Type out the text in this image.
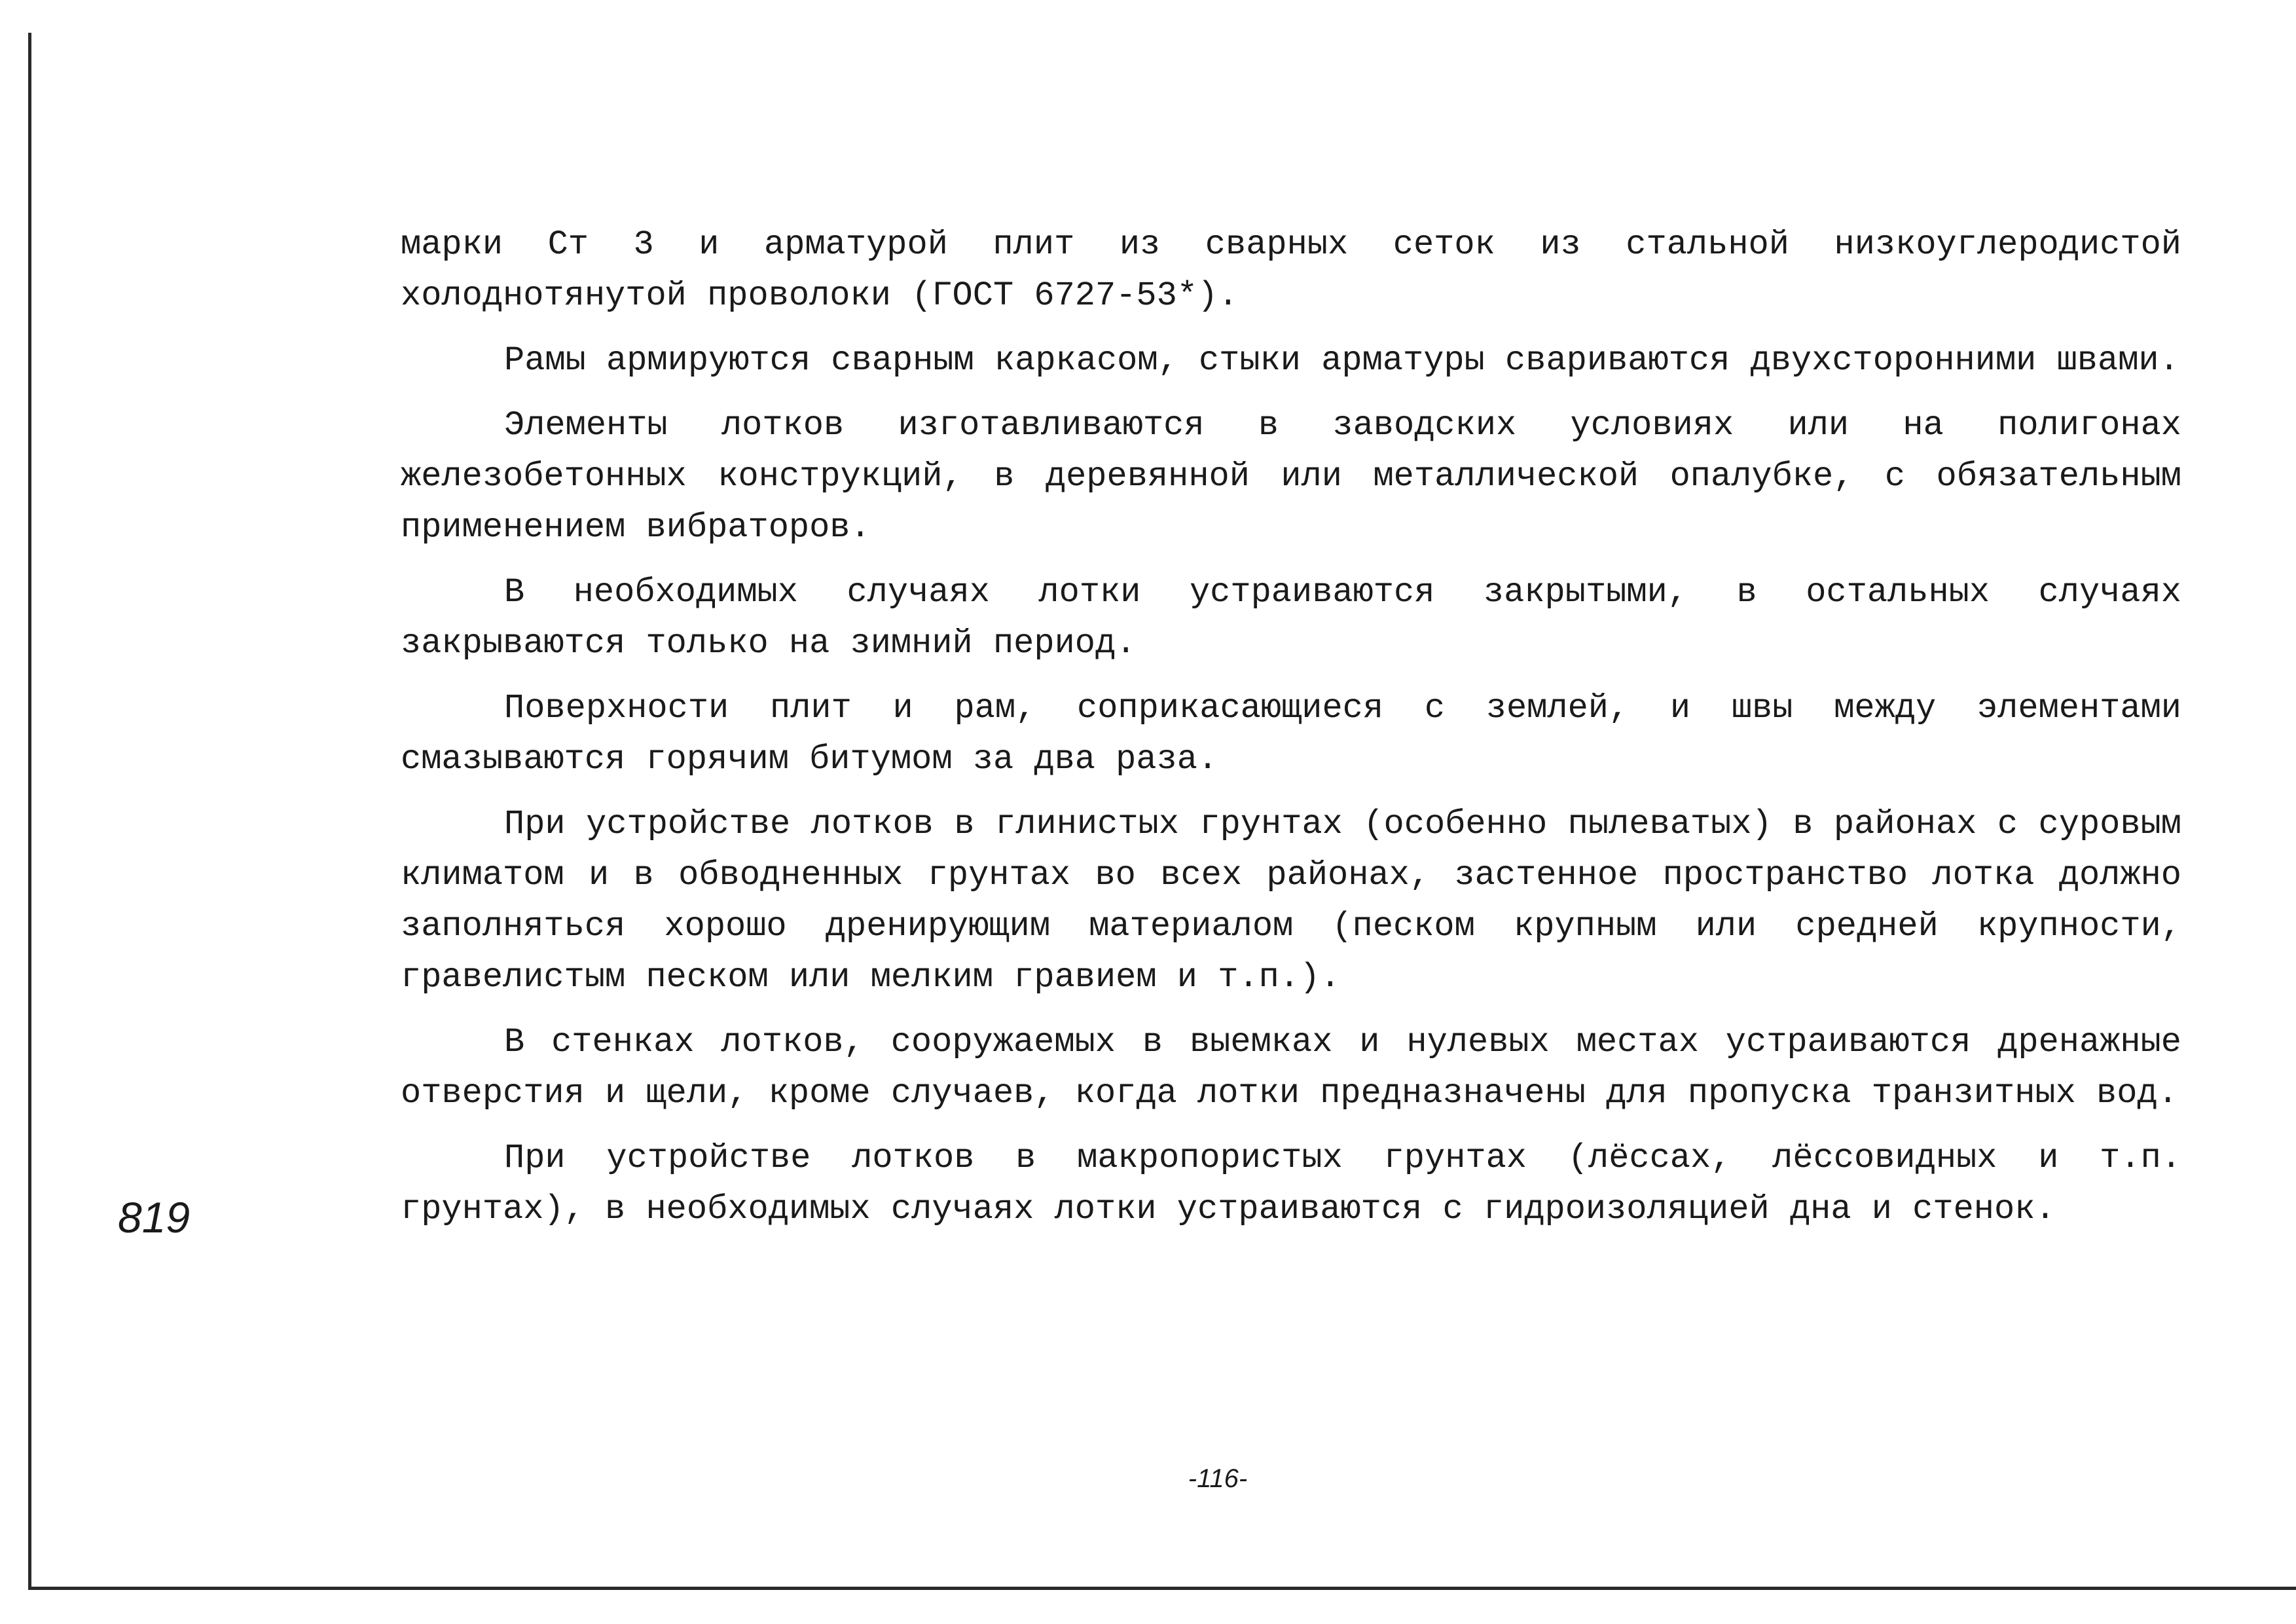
марки Ст 3 и арматурой плит из сварных сеток из стальной низкоуглеродистой холоднотянутой проволоки (ГОСТ 6727-53*).

Рамы армируются сварным каркасом, стыки арматуры свариваются двухсторонними швами.

Элементы лотков изготавливаются в заводских условиях или на полигонах железобетонных конструкций, в деревянной или металлической опалубке, с обязательным применением вибраторов.

В необходимых случаях лотки устраиваются закрытыми, в остальных случаях закрываются только на зимний период.

Поверхности плит и рам, соприкасающиеся с землей, и швы между элементами смазываются горячим битумом за два раза.

При устройстве лотков в глинистых грунтах (особенно пылеватых) в районах с суровым климатом и в обводненных грунтах во всех районах, застенное пространство лотка должно заполняться хорошо дренирующим материалом (песком крупным или средней крупности, гравелистым песком или мелким гравием и т.п.).

В стенках лотков, сооружаемых в выемках и нулевых местах устраиваются дренажные отверстия и щели, кроме случаев, когда лотки предназначены для пропуска транзитных вод.

При устройстве лотков в макропористых грунтах (лёссах, лёссовидных и т.п. грунтах), в необходимых случаях лотки устраиваются с гидроизоляцией дна и стенок.

819
-116-
